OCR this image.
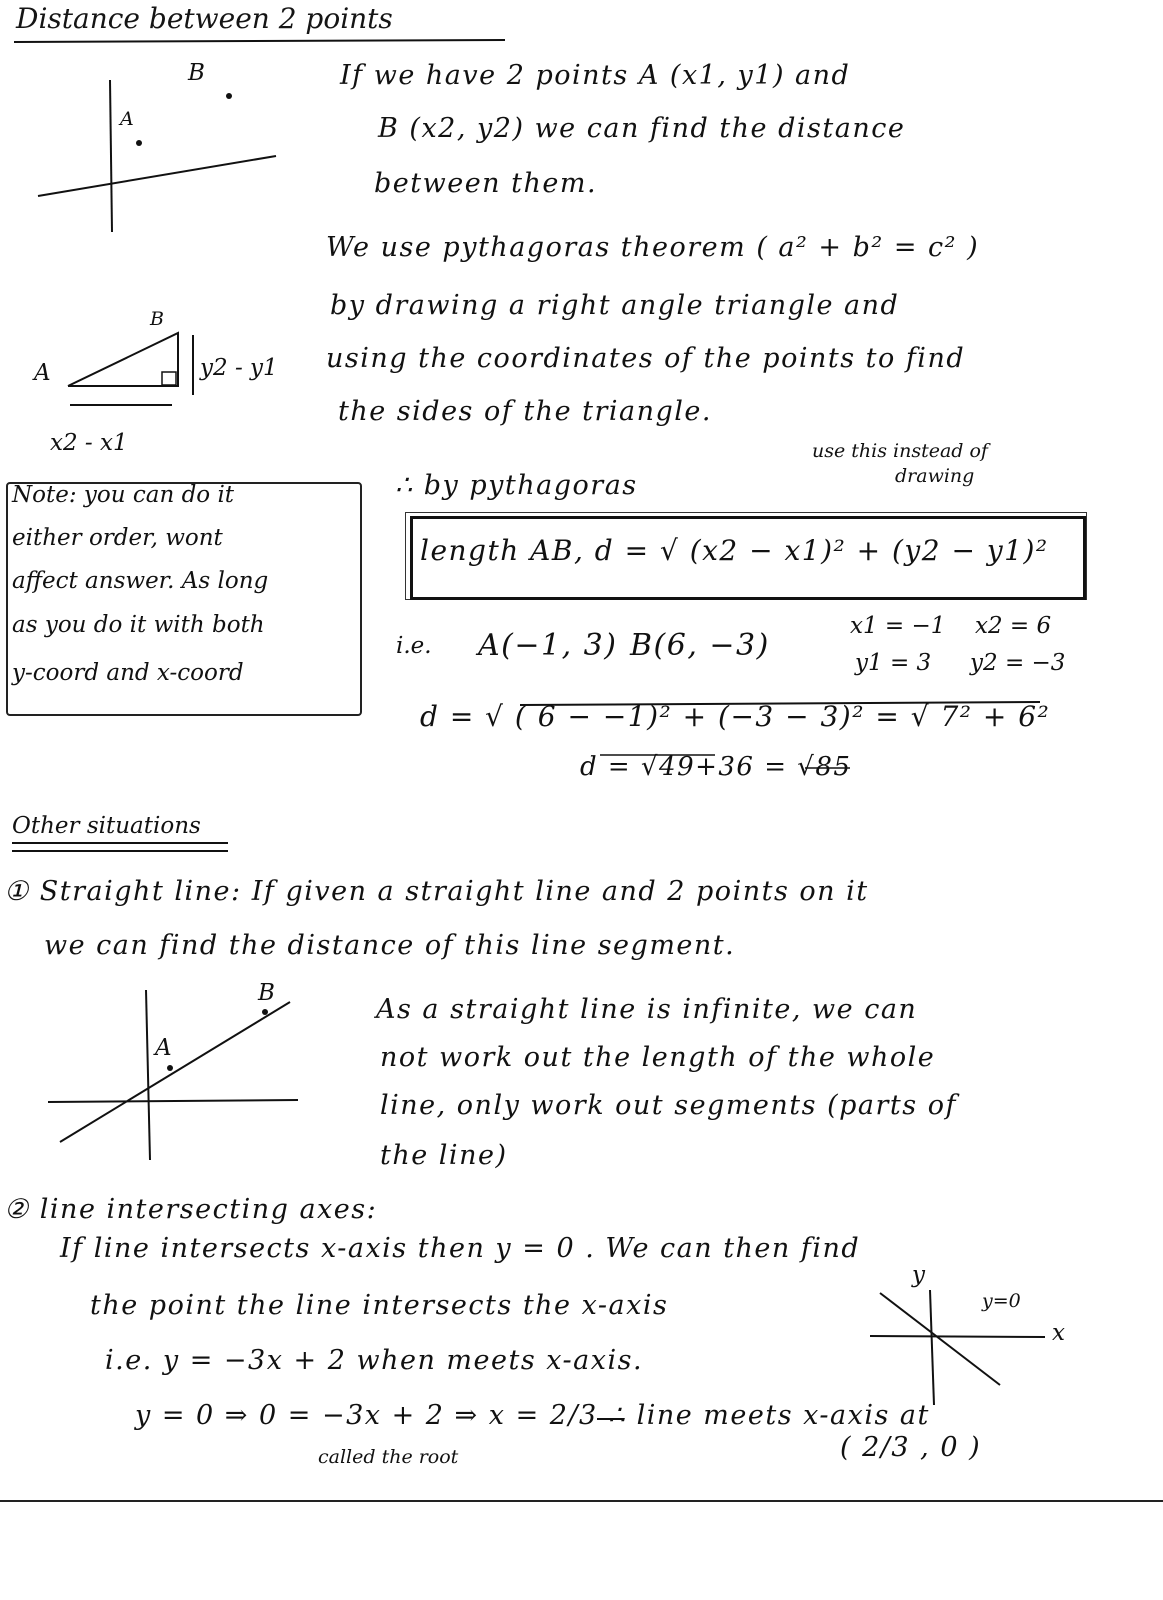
Distance between 2 points
B
A
If we have 2 points A (x1, y1) and
B (x2, y2) we can find the distance
between them.
We use pythagoras theorem ( a² + b² = c² )
by drawing a right angle triangle and
using the coordinates of the points to find
the sides of the triangle.
B
A	y2 - y1
x2 - x1
Note: you can do it
either order, wont
affect answer. As long
as you do it with both
y-coord and x-coord
∴ by pythagoras
use this instead of
drawing
length AB, d = √ (x2 − x1)² + (y2 − y1)²
i.e. A(−1, 3) B(6, −3)
x1 = −1 x2 = 6
y1 = 3 y2 = −3
d = √ ( 6 − −1)² + (−3 − 3)² = √ 7² + 6²
d = √49+36 = √85
Other situations
① Straight line: If given a straight line and 2 points on it
we can find the distance of this line segment.
As a straight line is infinite, we can
not work out the length of the whole
line, only work out segments (parts of
the line)
A
B
② line intersecting axes:
If line intersects x-axis then y = 0 . We can then find
the point the line intersects the x-axis
i.e. y = −3x + 2 when meets x-axis.
y = 0 ⇒ 0 = −3x + 2 ⇒ x = 2/3 ∴ line meets x-axis at
called the root	( 2/3 , 0 )
y
x
y=0
